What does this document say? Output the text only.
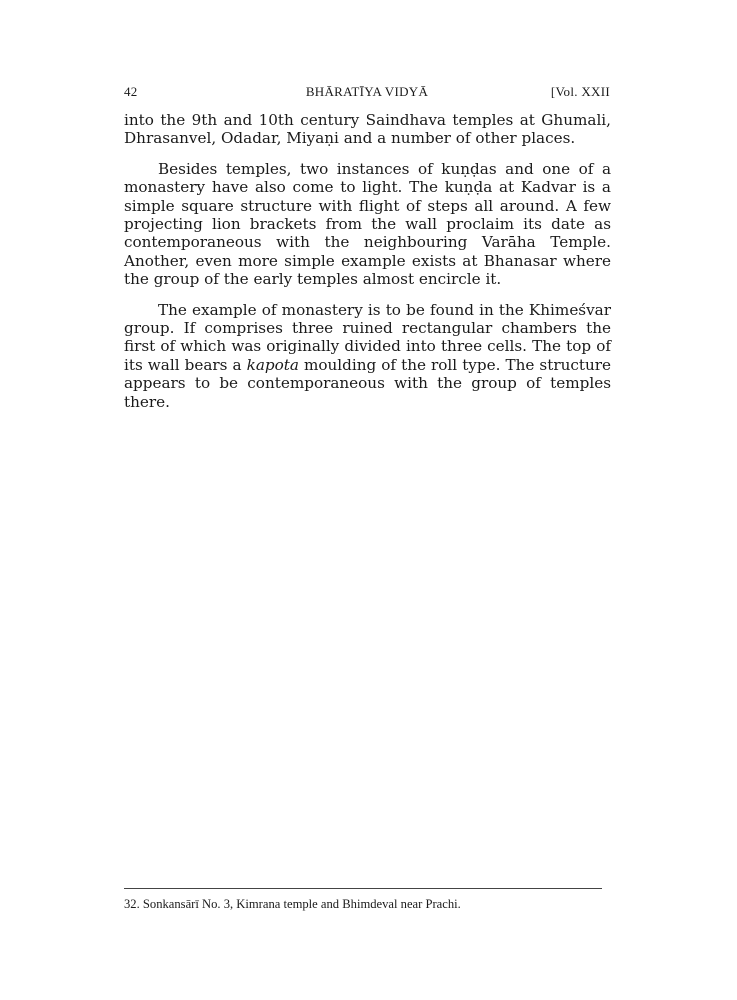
42	BHĀRATĪYA VIDYĀ	[Vol. XXII

into the 9th and 10th century Saindhava temples at Ghumali, Dhrasanvel, Odadar, Miyaṇi and a number of other places.

Besides temples, two instances of kuṇḍas and one of a monastery have also come to light. The kuṇḍa at Kadvar is a simple square structure with flight of steps all around. A few projecting lion brackets from the wall proclaim its date as contemporaneous with the neighbouring Varāha Temple. Another, even more simple example exists at Bhanasar where the group of the early temples almost encircle it.

The example of monastery is to be found in the Khimeśvar group. If comprises three ruined rectangular chambers the first of which was originally divided into three cells. The top of its wall bears a kapota moulding of the roll type. The structure appears to be contemporaneous with the group of temples there.

32. Sonkansārī No. 3, Kimrana temple and Bhimdeval near Prachi.
